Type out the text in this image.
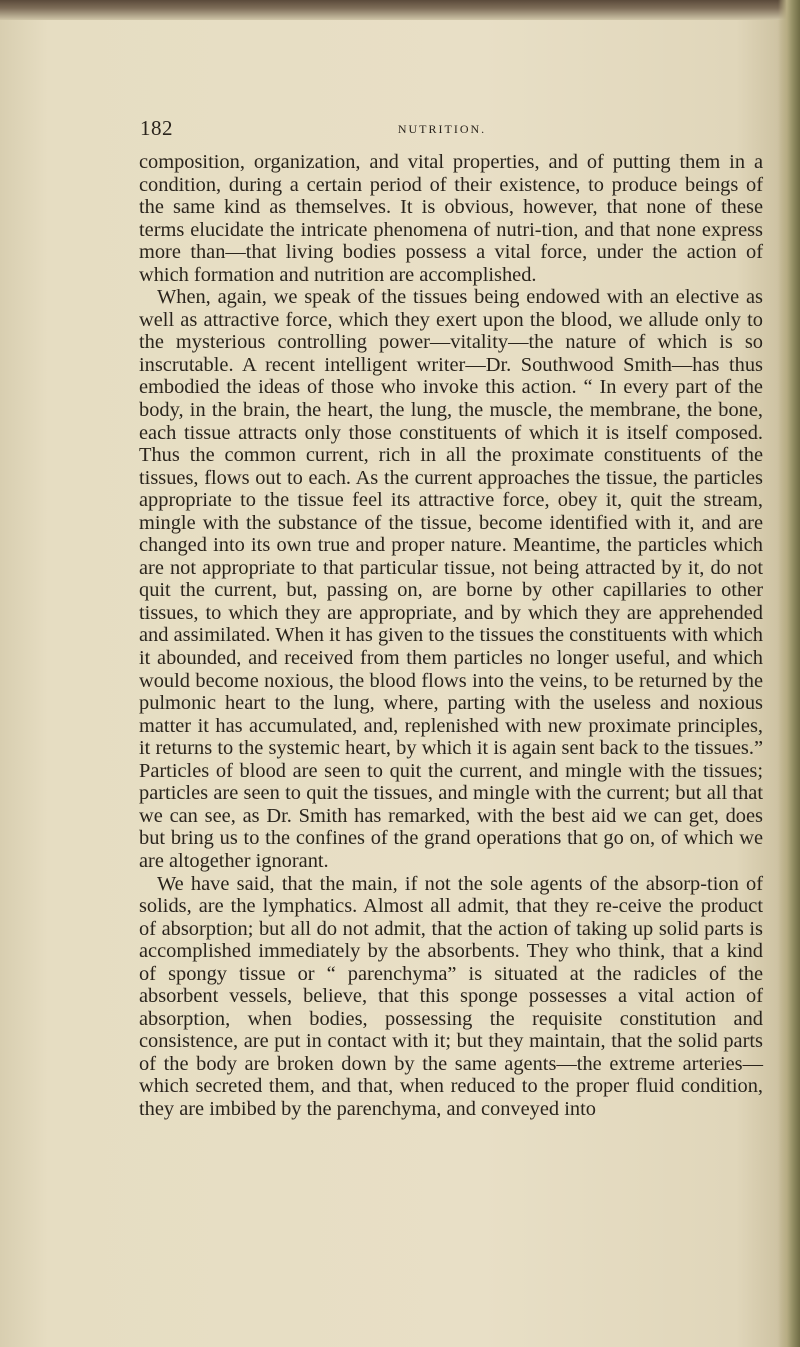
182	NUTRITION.

composition, organization, and vital properties, and of putting them in a condition, during a certain period of their existence, to produce beings of the same kind as themselves. It is obvious, however, that none of these terms elucidate the intricate phenomena of nutri-tion, and that none express more than—that living bodies possess a vital force, under the action of which formation and nutrition are accomplished.

When, again, we speak of the tissues being endowed with an elective as well as attractive force, which they exert upon the blood, we allude only to the mysterious controlling power—vitality—the nature of which is so inscrutable. A recent intelligent writer—Dr. Southwood Smith—has thus embodied the ideas of those who invoke this action. “ In every part of the body, in the brain, the heart, the lung, the muscle, the membrane, the bone, each tissue attracts only those constituents of which it is itself composed. Thus the common current, rich in all the proximate constituents of the tissues, flows out to each. As the current approaches the tissue, the particles appropriate to the tissue feel its attractive force, obey it, quit the stream, mingle with the substance of the tissue, become identified with it, and are changed into its own true and proper nature. Meantime, the particles which are not appropriate to that particular tissue, not being attracted by it, do not quit the current, but, passing on, are borne by other capillaries to other tissues, to which they are appropriate, and by which they are apprehended and assimilated. When it has given to the tissues the constituents with which it abounded, and received from them particles no longer useful, and which would become noxious, the blood flows into the veins, to be returned by the pulmonic heart to the lung, where, parting with the useless and noxious matter it has accumulated, and, replenished with new proximate principles, it returns to the systemic heart, by which it is again sent back to the tissues.” Particles of blood are seen to quit the current, and mingle with the tissues; particles are seen to quit the tissues, and mingle with the current; but all that we can see, as Dr. Smith has remarked, with the best aid we can get, does but bring us to the confines of the grand operations that go on, of which we are altogether ignorant.

We have said, that the main, if not the sole agents of the absorp-tion of solids, are the lymphatics. Almost all admit, that they re-ceive the product of absorption; but all do not admit, that the action of taking up solid parts is accomplished immediately by the absorbents. They who think, that a kind of spongy tissue or “ parenchyma” is situated at the radicles of the absorbent vessels, believe, that this sponge possesses a vital action of absorption, when bodies, possessing the requisite constitution and consistence, are put in contact with it; but they maintain, that the solid parts of the body are broken down by the same agents—the extreme arteries—which secreted them, and that, when reduced to the proper fluid condition, they are imbibed by the parenchyma, and conveyed into
